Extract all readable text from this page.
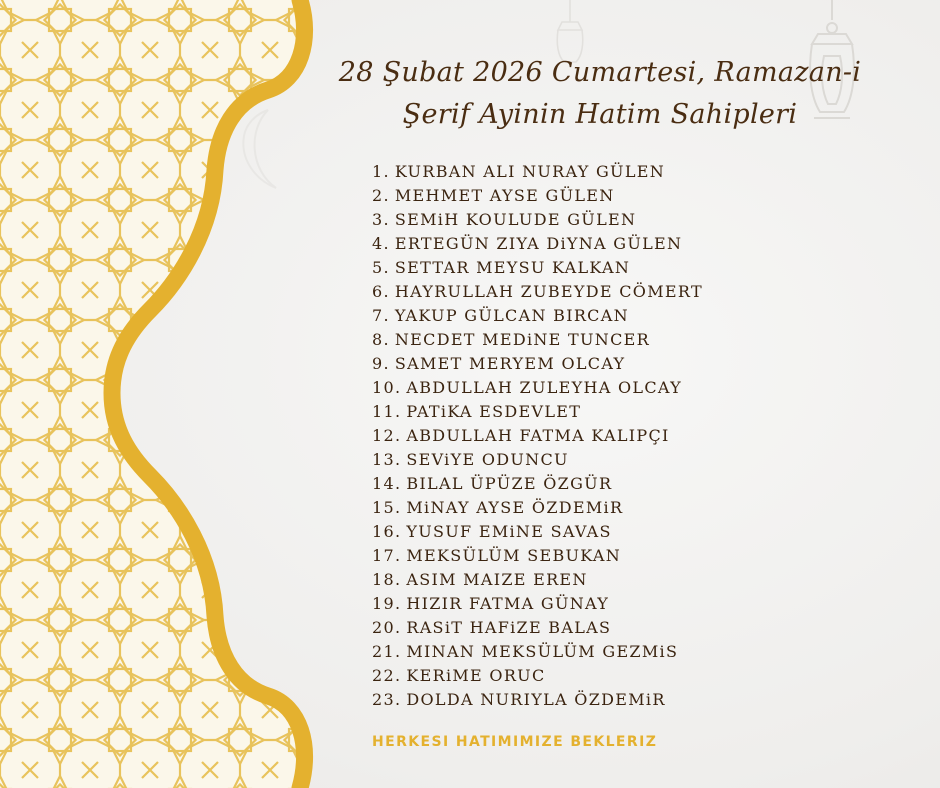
28 Şubat 2026 Cumartesi, Ramazan-i
Şerif Ayinin Hatim Sahipleri
1. KURBAN ALI NURAY GÜLEN
2. MEHMET AYSE GÜLEN
3. SEMiH KOULUDE GÜLEN
4. ERTEGÜN ZIYA DiYNA GÜLEN
5. SETTAR MEYSU KALKAN
6. HAYRULLAH ZUBEYDE CÖMERT
7. YAKUP GÜLCAN BIRCAN
8. NECDET MEDiNE TUNCER
9. SAMET MERYEM OLCAY
10. ABDULLAH ZULEYHA OLCAY
11. PATiKA ESDEVLET
12. ABDULLAH FATMA KALIPÇI
13. SEViYE ODUNCU
14. BILAL ÜPÜZE ÖZGÜR
15. MiNAY AYSE ÖZDEMiR
16. YUSUF EMiNE SAVAS
17. MEKSÜLÜM SEBUKAN
18. ASIM MAIZE EREN
19. HIZIR FATMA GÜNAY
20. RASiT HAFiZE BALAS
21. MINAN MEKSÜLÜM GEZMiS
22. KERiME ORUC
23. DOLDA NURIYLA ÖZDEMiR
HERKESI HATIMIMIZE BEKLERIZ
